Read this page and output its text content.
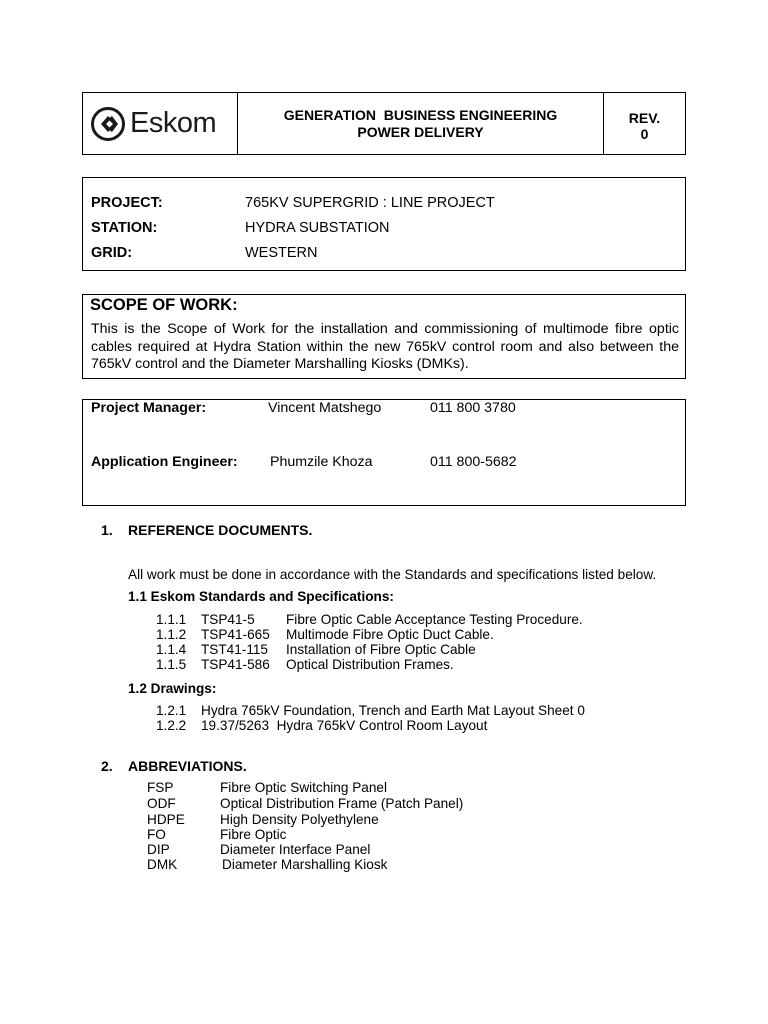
Eskom	GENERATION  BUSINESS ENGINEERING
POWER DELIVERY
REV.
0
PROJECT:	765KV SUPERGRID : LINE PROJECT
STATION:	HYDRA SUBSTATION
GRID:	WESTERN
SCOPE OF WORK:
This is the Scope of Work for the installation and commissioning of multimode fibre optic cables required at Hydra Station within the new 765kV control room and also between the 765kV control and the Diameter Marshalling Kiosks (DMKs).
Project Manager:	Vincent Matshego	011 800 3780
Application Engineer: Phumzile Khoza	011 800-5682
1. REFERENCE DOCUMENTS.
All work must be done in accordance with the Standards and specifications listed below.
1.1 Eskom Standards and Specifications:
1.1.1 TSP41-5 Fibre Optic Cable Acceptance Testing Procedure.
1.1.2 TSP41-665 Multimode Fibre Optic Duct Cable.
1.1.4 TST41-115 Installation of Fibre Optic Cable
1.1.5 TSP41-586 Optical Distribution Frames.
1.2 Drawings:
1.2.1 Hydra 765kV Foundation, Trench and Earth Mat Layout Sheet 0
1.2.2 19.37/5263  Hydra 765kV Control Room Layout
2. ABBREVIATIONS.
FSP	Fibre Optic Switching Panel
ODF	Optical Distribution Frame (Patch Panel)
HDPE	High Density Polyethylene
FO	Fibre Optic
DIP	Diameter Interface Panel
DMK	Diameter Marshalling Kiosk
